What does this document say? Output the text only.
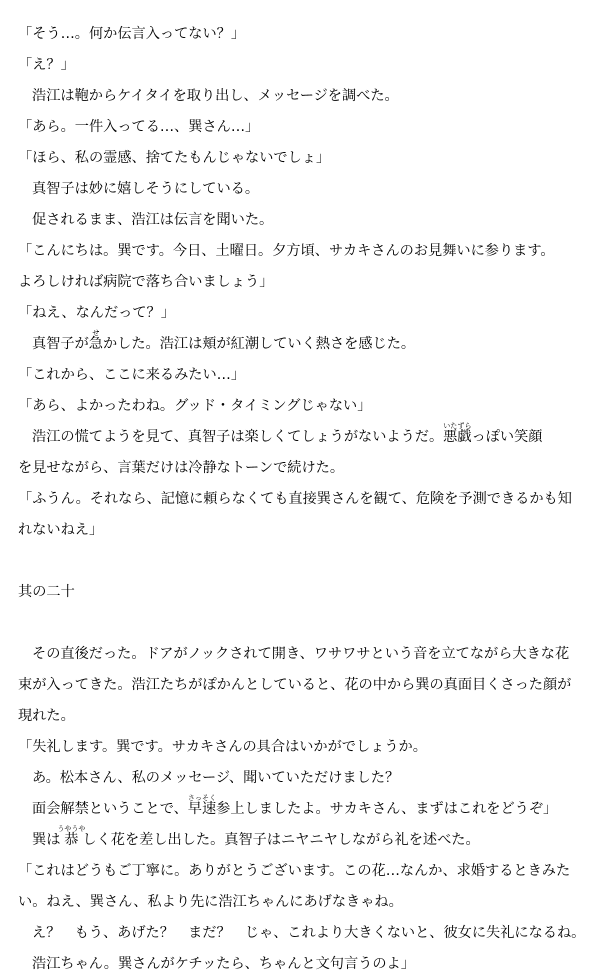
「そう…。何か伝言入ってない？」
「え？」
浩江は鞄からケイタイを取り出し、メッセージを調べた。
「あら。一件入ってる…、巽さん…」
「ほら、私の霊感、捨てたもんじゃないでしょ」
真智子は妙に嬉しそうにしている。
促されるまま、浩江は伝言を聞いた。
「こんにちは。巽です。今日、土曜日。夕方頃、サカキさんのお見舞いに参ります。
よろしければ病院で落ち合いましょう」
「ねえ、なんだって？」
真智子が急せかした。浩江は頬が紅潮していく熱さを感じた。
「これから、ここに来るみたい…」
「あら、よかったわね。グッド・タイミングじゃない」
浩江の慌てようを見て、真智子は楽しくてしょうがないようだ。悪戯いたずらっぽい笑顔
を見せながら、言葉だけは冷静なトーンで続けた。
「ふうん。それなら、記憶に頼らなくても直接巽さんを観て、危険を予測できるかも知
れないねえ」
其の二十
その直後だった。ドアがノックされて開き、ワサワサという音を立てながら大きな花
束が入ってきた。浩江たちがぽかんとしていると、花の中から巽の真面目くさった顔が
現れた。
「失礼します。巽です。サカキさんの具合はいかがでしょうか。
あ。松本さん、私のメッセージ、聞いていただけました？
面会解禁ということで、早速さっそく参上しましたよ。サカキさん、まずはこれをどうぞ」
巽は恭うやうやしく花を差し出した。真智子はニヤニヤしながら礼を述べた。
「これはどうもご丁寧に。ありがとうございます。この花…なんか、求婚するときみた
い。ねえ、巽さん、私より先に浩江ちゃんにあげなきゃね。
え？　もう、あげた？　まだ？　じゃ、これより大きくないと、彼女に失礼になるね。
浩江ちゃん。巽さんがケチッたら、ちゃんと文句言うのよ」
